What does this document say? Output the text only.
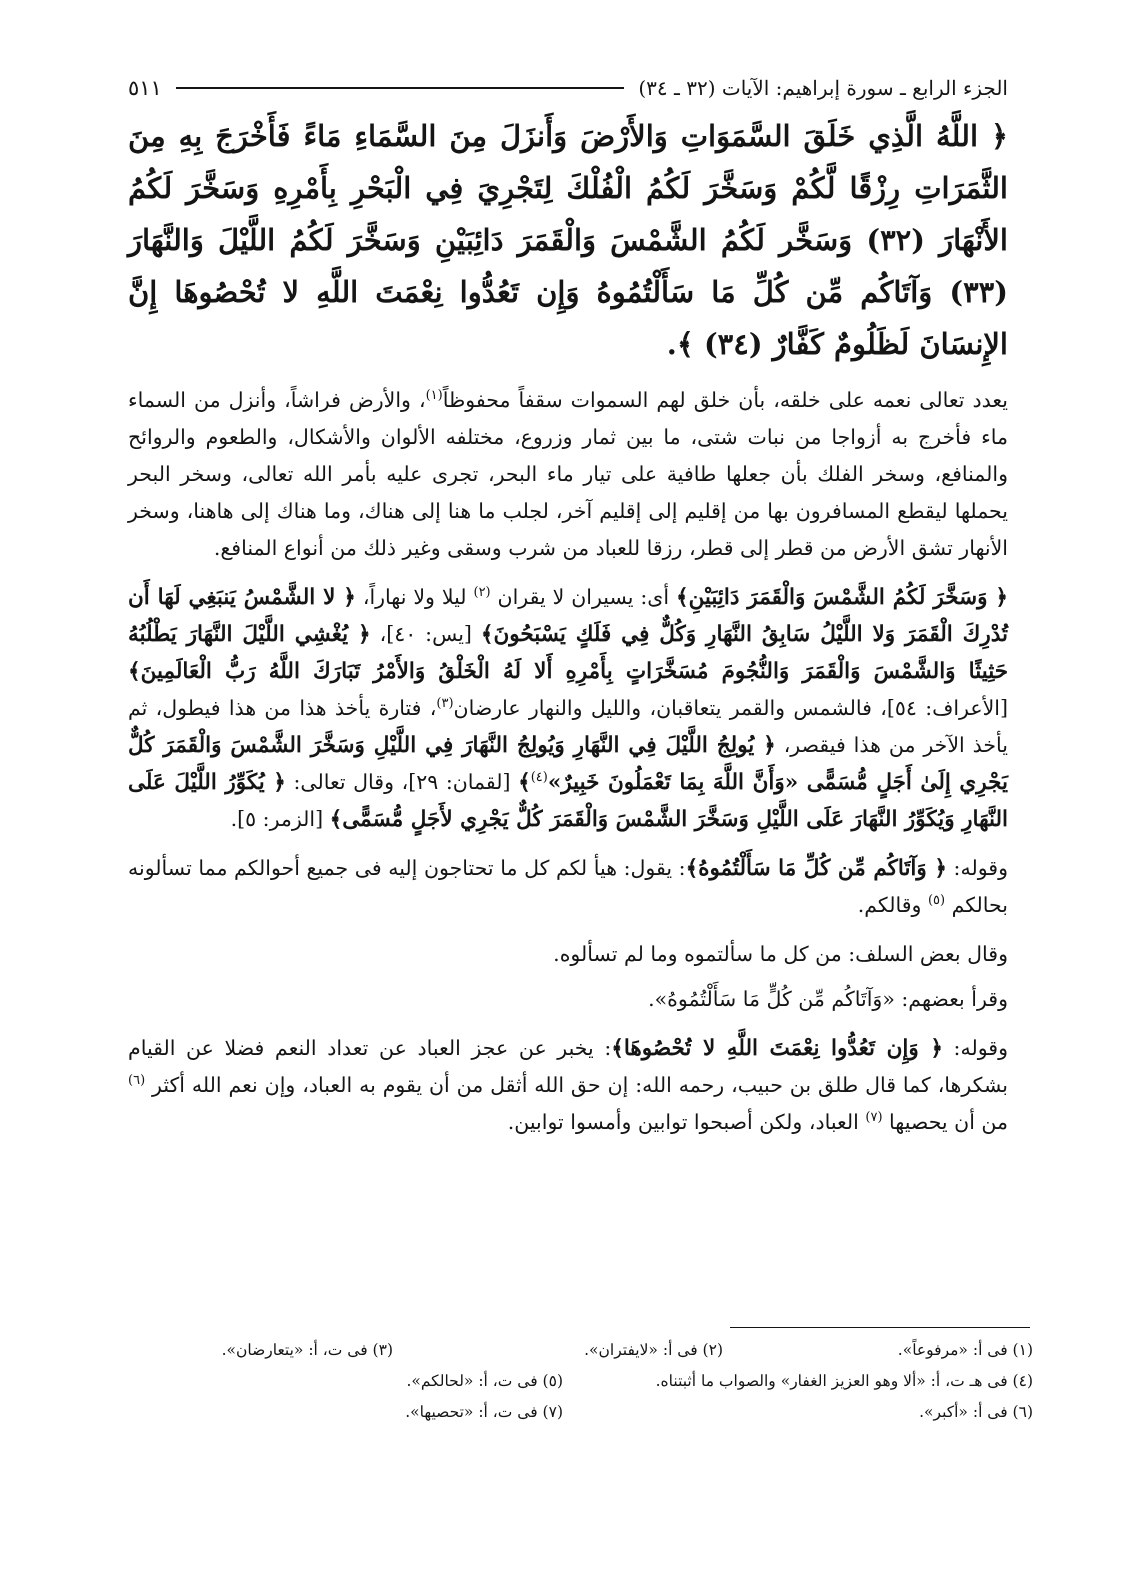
الجزء الرابع ـ سورة إبراهيم: الآيات (٣٢ ـ ٣٤)
٥١١
﴿ اللَّهُ الَّذِي خَلَقَ السَّمَوَاتِ وَالأَرْضَ وَأَنزَلَ مِنَ السَّمَاءِ مَاءً فَأَخْرَجَ بِهِ مِنَ الثَّمَرَاتِ رِزْقًا لَّكُمْ وَسَخَّرَ لَكُمُ الْفُلْكَ لِتَجْرِيَ فِي الْبَحْرِ بِأَمْرِهِ وَسَخَّرَ لَكُمُ الأَنْهَارَ (٣٢) وَسَخَّر لَكُمُ الشَّمْسَ وَالْقَمَرَ دَائِبَيْنِ وَسَخَّرَ لَكُمُ اللَّيْلَ وَالنَّهَارَ (٣٣) وَآتَاكُم مِّن كُلِّ مَا سَأَلْتُمُوهُ وَإِن تَعُدُّوا نِعْمَتَ اللَّهِ لا تُحْصُوهَا إِنَّ الإِنسَانَ لَظَلُومٌ كَفَّارٌ (٣٤) ﴾.

يعدد تعالى نعمه على خلقه، بأن خلق لهم السموات سقفاً محفوظاً$^{(١)}$، والأرض فراشاً، وأنزل من السماء ماء فأخرج به أزواجا من نبات شتى، ما بين ثمار وزروع، مختلفه الألوان والأشكال، والطعوم والروائح والمنافع، وسخر الفلك بأن جعلها طافية على تيار ماء البحر، تجرى عليه بأمر الله تعالى، وسخر البحر يحملها ليقطع المسافرون بها من إقليم إلى إقليم آخر، لجلب ما هنا إلى هناك، وما هناك إلى هاهنا، وسخر الأنهار تشق الأرض من قطر إلى قطر، رزقا للعباد من شرب وسقى وغير ذلك من أنواع المنافع.

﴿ وَسَخَّرَ لَكُمُ الشَّمْسَ وَالْقَمَرَ دَائِبَيْنِ﴾ أى: يسيران لا يقران $^{(٢)}$ ليلا ولا نهاراً، ﴿ لا الشَّمْسُ يَنبَغِي لَهَا أَن تُدْرِكَ الْقَمَرَ وَلا اللَّيْلُ سَابِقُ النَّهَارِ وَكُلٌّ فِي فَلَكٍ يَسْبَحُونَ﴾ [يس: ٤٠]، ﴿ يُغْشِي اللَّيْلَ النَّهَارَ يَطْلُبُهُ حَثِيثًا وَالشَّمْسَ وَالْقَمَرَ وَالنُّجُومَ مُسَخَّرَاتٍ بِأَمْرِهِ أَلا لَهُ الْخَلْقُ وَالأَمْرُ تَبَارَكَ اللَّهُ رَبُّ الْعَالَمِينَ﴾ [الأعراف: ٥٤]، فالشمس والقمر يتعاقبان، والليل والنهار عارضان$^{(٣)}$، فتارة يأخذ هذا من هذا فيطول، ثم يأخذ الآخر من هذا فيقصر، ﴿ يُولِجُ اللَّيْلَ فِي النَّهَارِ وَيُولِجُ النَّهَارَ فِي اللَّيْلِ وَسَخَّرَ الشَّمْسَ وَالْقَمَرَ كُلٌّ يَجْرِي إِلَىٰ أَجَلٍ مُّسَمًّى «وَأَنَّ اللَّهَ بِمَا تَعْمَلُونَ خَبِيرٌ»$^{(٤)}$﴾ [لقمان: ٢٩]، وقال تعالى: ﴿ يُكَوِّرُ اللَّيْلَ عَلَى النَّهَارِ وَيُكَوِّرُ النَّهَارَ عَلَى اللَّيْلِ وَسَخَّرَ الشَّمْسَ وَالْقَمَرَ كُلٌّ يَجْرِي لأَجَلٍ مُّسَمًّى﴾ [الزمر: ٥].

وقوله: ﴿ وَآتَاكُم مِّن كُلِّ مَا سَأَلْتُمُوهُ﴾: يقول: هيأ لكم كل ما تحتاجون إليه فى جميع أحوالكم مما تسألونه بحالكم $^{(٥)}$ وقالكم.

وقال بعض السلف: من كل ما سألتموه وما لم تسألوه.

وقرأ بعضهم: «وَآتَاكُم مِّن كُلٍّ مَا سَأَلْتُمُوهُ».

وقوله: ﴿ وَإِن تَعُدُّوا نِعْمَتَ اللَّهِ لا تُحْصُوهَا﴾: يخبر عن عجز العباد عن تعداد النعم فضلا عن القيام بشكرها، كما قال طلق بن حبيب، رحمه الله: إن حق الله أثقل من أن يقوم به العباد، وإن نعم الله أكثر $^{(٦)}$ من أن يحصيها $^{(٧)}$ العباد، ولكن أصبحوا توابين وأمسوا توابين.

(١) فى أ: «مرفوعاً».
(٢) فى أ: «لايفتران».
(٣) فى ت، أ: «يتعارضان».
(٤) فى هـ ت، أ: «ألا وهو العزيز الغفار» والصواب ما أثبتناه.
(٥) فى ت، أ: «لحالكم».
(٦) فى أ: «أكبر».
(٧) فى ت، أ: «تحصيها».
